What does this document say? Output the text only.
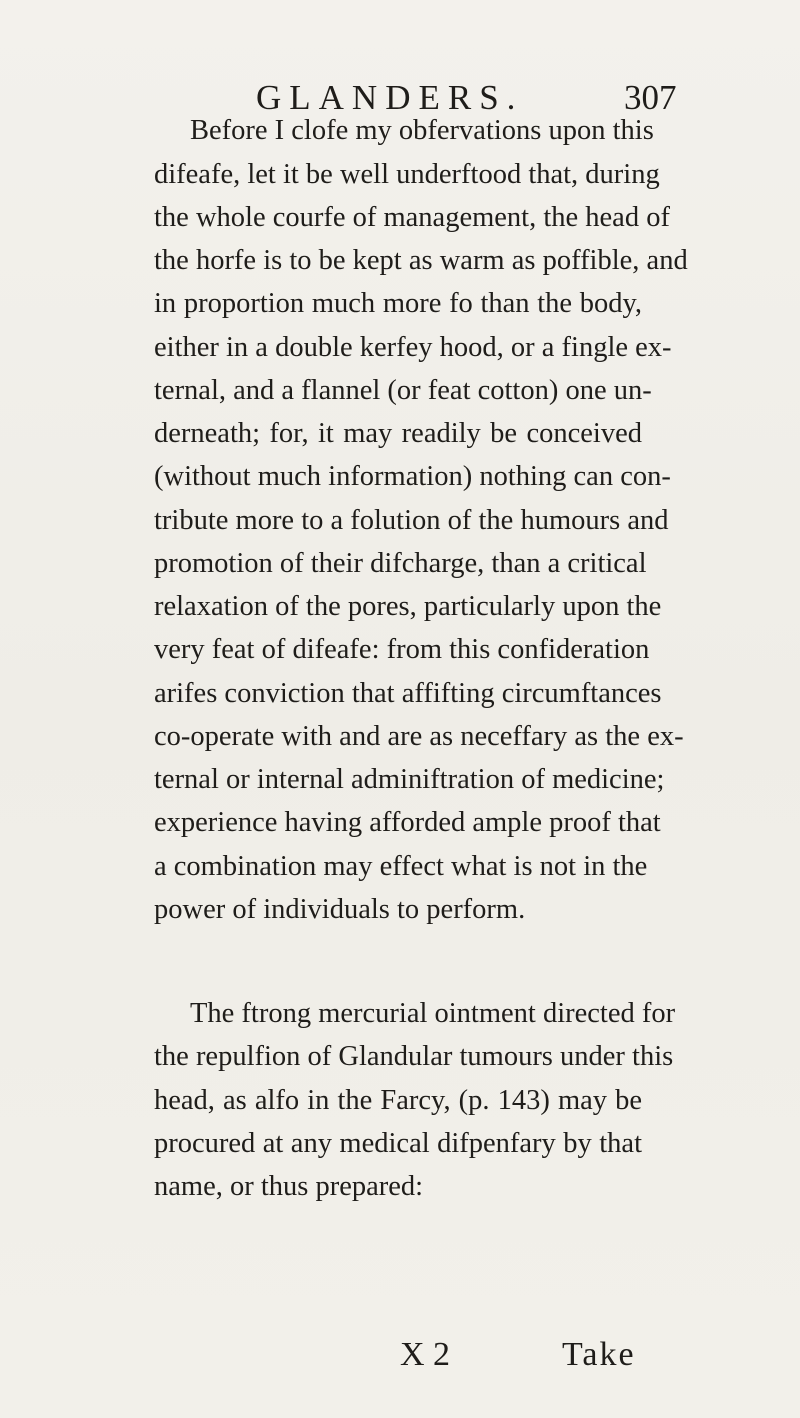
GLANDERS.	307
Before I clofe my obfervations upon this
difeafe, let it be well underftood that, during
the whole courfe of management, the head of
the horfe is to be kept as warm as poffible, and
in proportion much more fo than the body,
either in a double kerfey hood, or a fingle ex-
ternal, and a flannel (or feat cotton) one un-
derneath; for, it may readily be conceived
(without much information) nothing can con-
tribute more to a folution of the humours and
promotion of their difcharge, than a critical
relaxation of the pores, particularly upon the
very feat of difeafe: from this confideration
arifes conviction that affifting circumftances
co-operate with and are as neceffary as the ex-
ternal or internal adminiftration of medicine;
experience having afforded ample proof that
a combination may effect what is not in the
power of individuals to perform.
The ftrong mercurial ointment directed for
the repulfion of Glandular tumours under this
head, as alfo in the Farcy, (p. 143) may be
procured at any medical difpenfary by that
name, or thus prepared:
X 2	Take
